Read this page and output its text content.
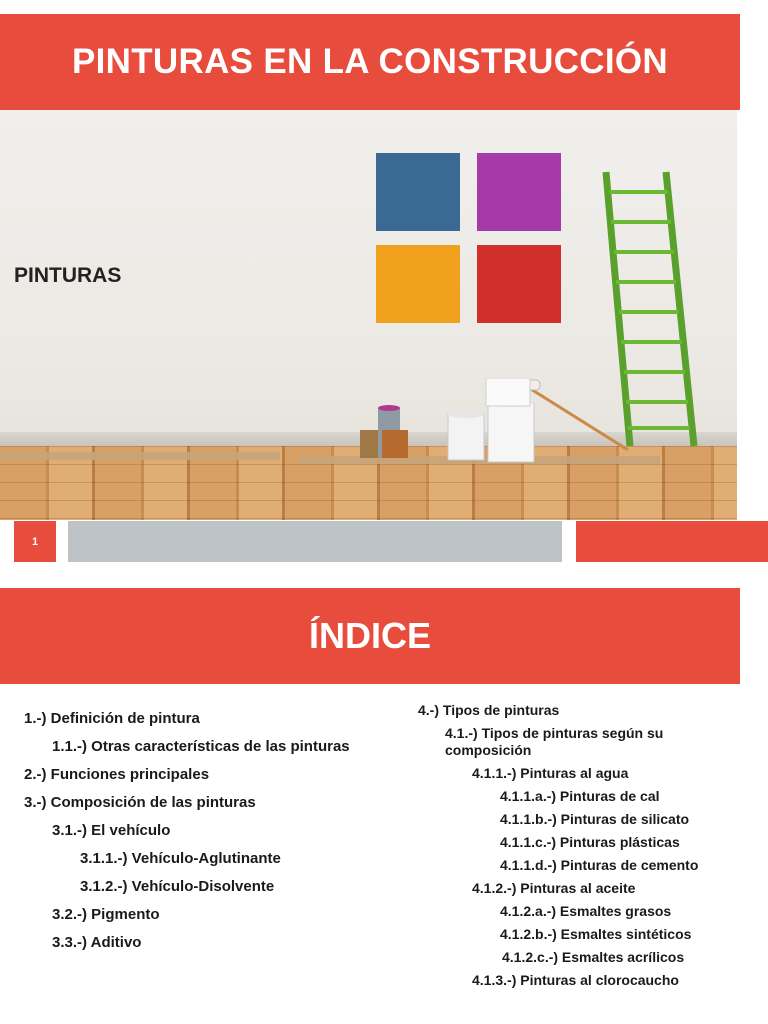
PINTURAS EN LA CONSTRUCCIÓN
PINTURAS
1
ÍNDICE
1.-) Definición de pintura
1.1.-) Otras características de las pinturas
2.-) Funciones principales
3.-) Composición de las pinturas
3.1.-) El vehículo
3.1.1.-) Vehículo-Aglutinante
3.1.2.-) Vehículo-Disolvente
3.2.-) Pigmento
3.3.-) Aditivo
4.-) Tipos de pinturas
4.1.-) Tipos de pinturas según su composición
4.1.1.-) Pinturas al agua
4.1.1.a.-) Pinturas de cal
4.1.1.b.-) Pinturas de silicato
4.1.1.c.-) Pinturas plásticas
4.1.1.d.-) Pinturas de cemento
4.1.2.-) Pinturas al aceite
4.1.2.a.-) Esmaltes grasos
4.1.2.b.-) Esmaltes sintéticos
4.1.2.c.-) Esmaltes acrílicos
4.1.3.-) Pinturas al clorocaucho
